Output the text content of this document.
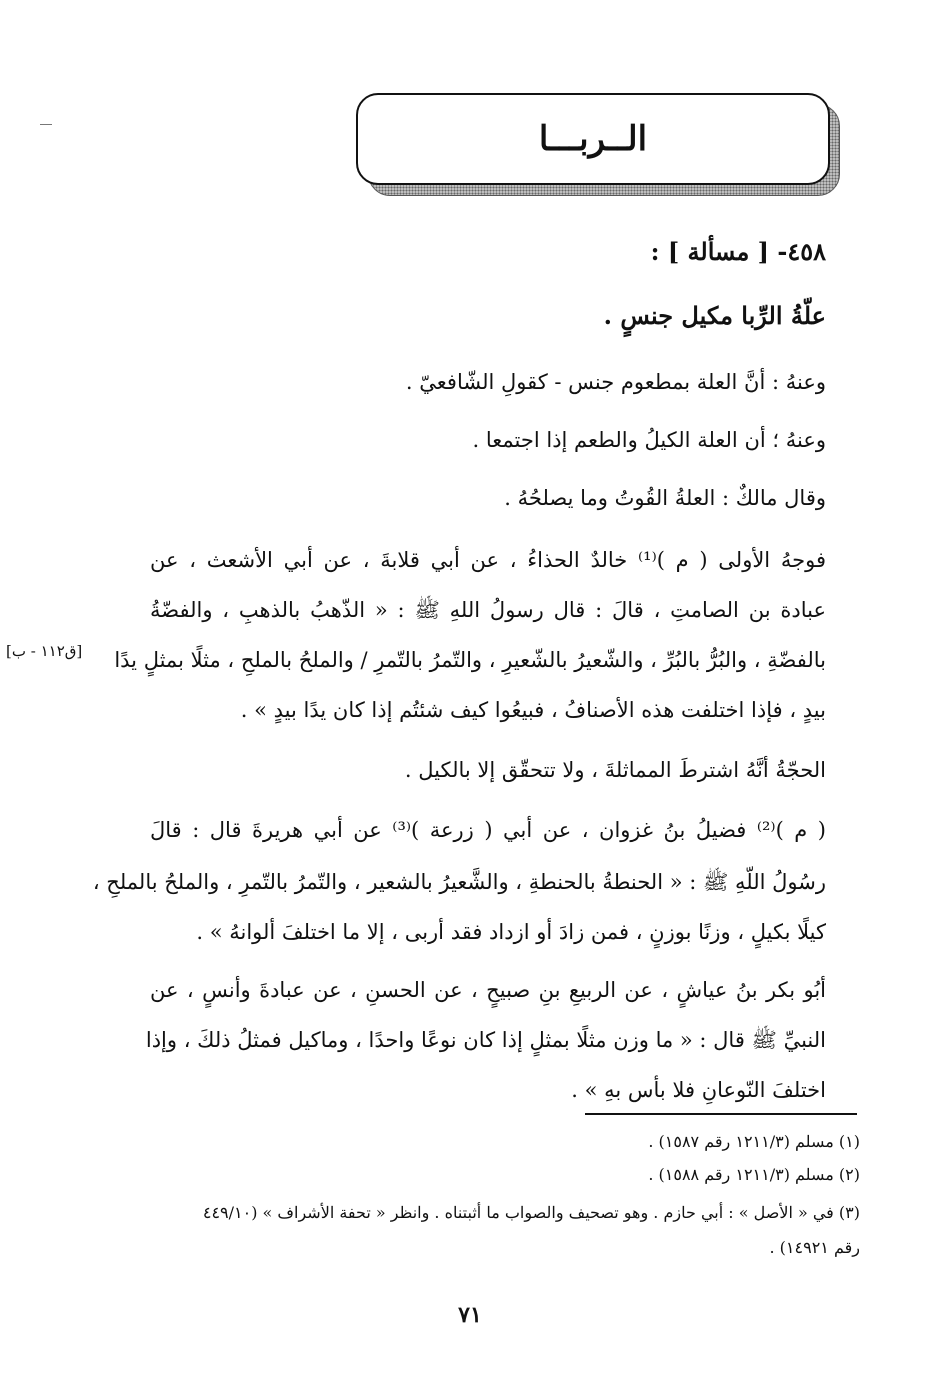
الــربـــا
٤٥٨- [ مسألة ] :
علّةُ الرِّبا مكيل جنسٍ .
وعنهُ : أنَّ العلة بمطعوم جنس - كقولِ الشّافعيّ .
وعنهُ ؛ أن العلة الكيلُ والطعم إذا اجتمعا .
وقال مالكٌ : العلةُ القُوتُ وما يصلحُهُ .
فوجهُ الأولى ( م )⁽¹⁾ خالدٌ الحذاءُ ، عن أبي قلابةَ ، عن أبي الأشعث ، عن
عبادة بن الصامتِ ، قالَ : قال رسولُ اللهِ ﷺ : « الذّهبُ بالذهبِ ، والفضّةُ
بالفضّةِ ، والبُرُّ بالبُرِّ ، والشّعيرُ بالشّعيرِ ، والتّمرُ بالتّمرِ / والملحُ بالملحِ ، مثلًا بمثلٍ يدًا
بيدٍ ، فإذا اختلفت هذه الأصنافُ ، فبيعُوا كيف شئتُم إذا كان يدًا بيدٍ » .
[ق١١٢ - ب]
الحجّةُ أنَّهُ اشترطَ المماثلةَ ، ولا تتحقّق إلا بالكيل .
( م )⁽²⁾ فضيلُ بنُ غزوان ، عن أبي ( زرعة )⁽³⁾ عن أبي هريرةَ قال : قالَ
رسُولُ اللّهِ ﷺ : « الحنطةُ بالحنطةِ ، والشَّعيرُ بالشعير ، والتّمرُ بالتّمرِ ، والملحُ بالملحِ ،
كيلًا بكيلٍ ، وزنًا بوزنٍ ، فمن زادَ أو ازداد فقد أربى ، إلا ما اختلفَ ألوانهُ » .
أبُو بكر بنُ عياشٍ ، عن الربيعِ بنِ صبيحٍ ، عن الحسنِ ، عن عبادةَ وأنسٍ ، عن
النبيِّ ﷺ قال : « ما وزن مثلًا بمثلٍ إذا كان نوعًا واحدًا ، وماكيل فمثلُ ذلكَ ، وإذا
اختلفَ النّوعانِ فلا بأس بهِ » .
(١) مسلم (١٢١١/٣ رقم ١٥٨٧) .
(٢) مسلم (١٢١١/٣ رقم ١٥٨٨) .
(٣) في « الأصل » : أبي حازم . وهو تصحيف والصواب ما أثبتناه . وانظر « تحفة الأشراف » (٤٤٩/١٠
رقم ١٤٩٢١) .
٧١
